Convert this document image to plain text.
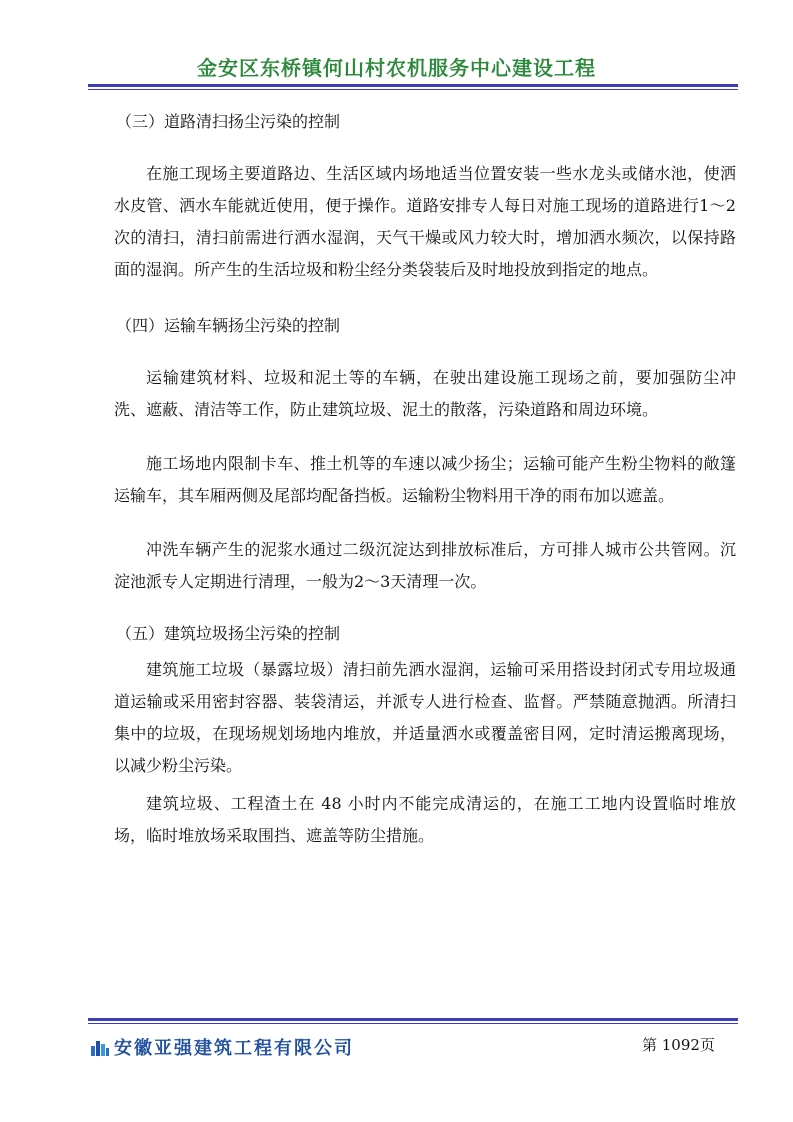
金安区东桥镇何山村农机服务中心建设工程

（三）道路清扫扬尘污染的控制

在施工现场主要道路边、生活区域内场地适当位置安装一些水龙头或储水池，使洒水皮管、洒水车能就近使用，便于操作。道路安排专人每日对施工现场的道路进行1～2次的清扫，清扫前需进行洒水湿润，天气干燥或风力较大时，增加洒水频次，以保持路面的湿润。所产生的生活垃圾和粉尘经分类袋装后及时地投放到指定的地点。

（四）运输车辆扬尘污染的控制

运输建筑材料、垃圾和泥土等的车辆，在驶出建设施工现场之前，要加强防尘冲洗、遮蔽、清洁等工作，防止建筑垃圾、泥土的散落，污染道路和周边环境。

施工场地内限制卡车、推土机等的车速以减少扬尘；运输可能产生粉尘物料的敞篷运输车，其车厢两侧及尾部均配备挡板。运输粉尘物料用干净的雨布加以遮盖。

冲洗车辆产生的泥浆水通过二级沉淀达到排放标准后，方可排人城市公共管网。沉淀池派专人定期进行清理，一般为2～3天清理一次。

（五）建筑垃圾扬尘污染的控制

建筑施工垃圾（暴露垃圾）清扫前先洒水湿润，运输可采用搭设封闭式专用垃圾通道运输或采用密封容器、装袋清运，并派专人进行检查、监督。严禁随意抛洒。所清扫集中的垃圾，在现场规划场地内堆放，并适量洒水或覆盖密目网，定时清运搬离现场，以减少粉尘污染。

建筑垃圾、工程渣土在 48 小时内不能完成清运的，在施工工地内设置临时堆放场，临时堆放场采取围挡、遮盖等防尘措施。

安徽亚强建筑工程有限公司	第 1092页
